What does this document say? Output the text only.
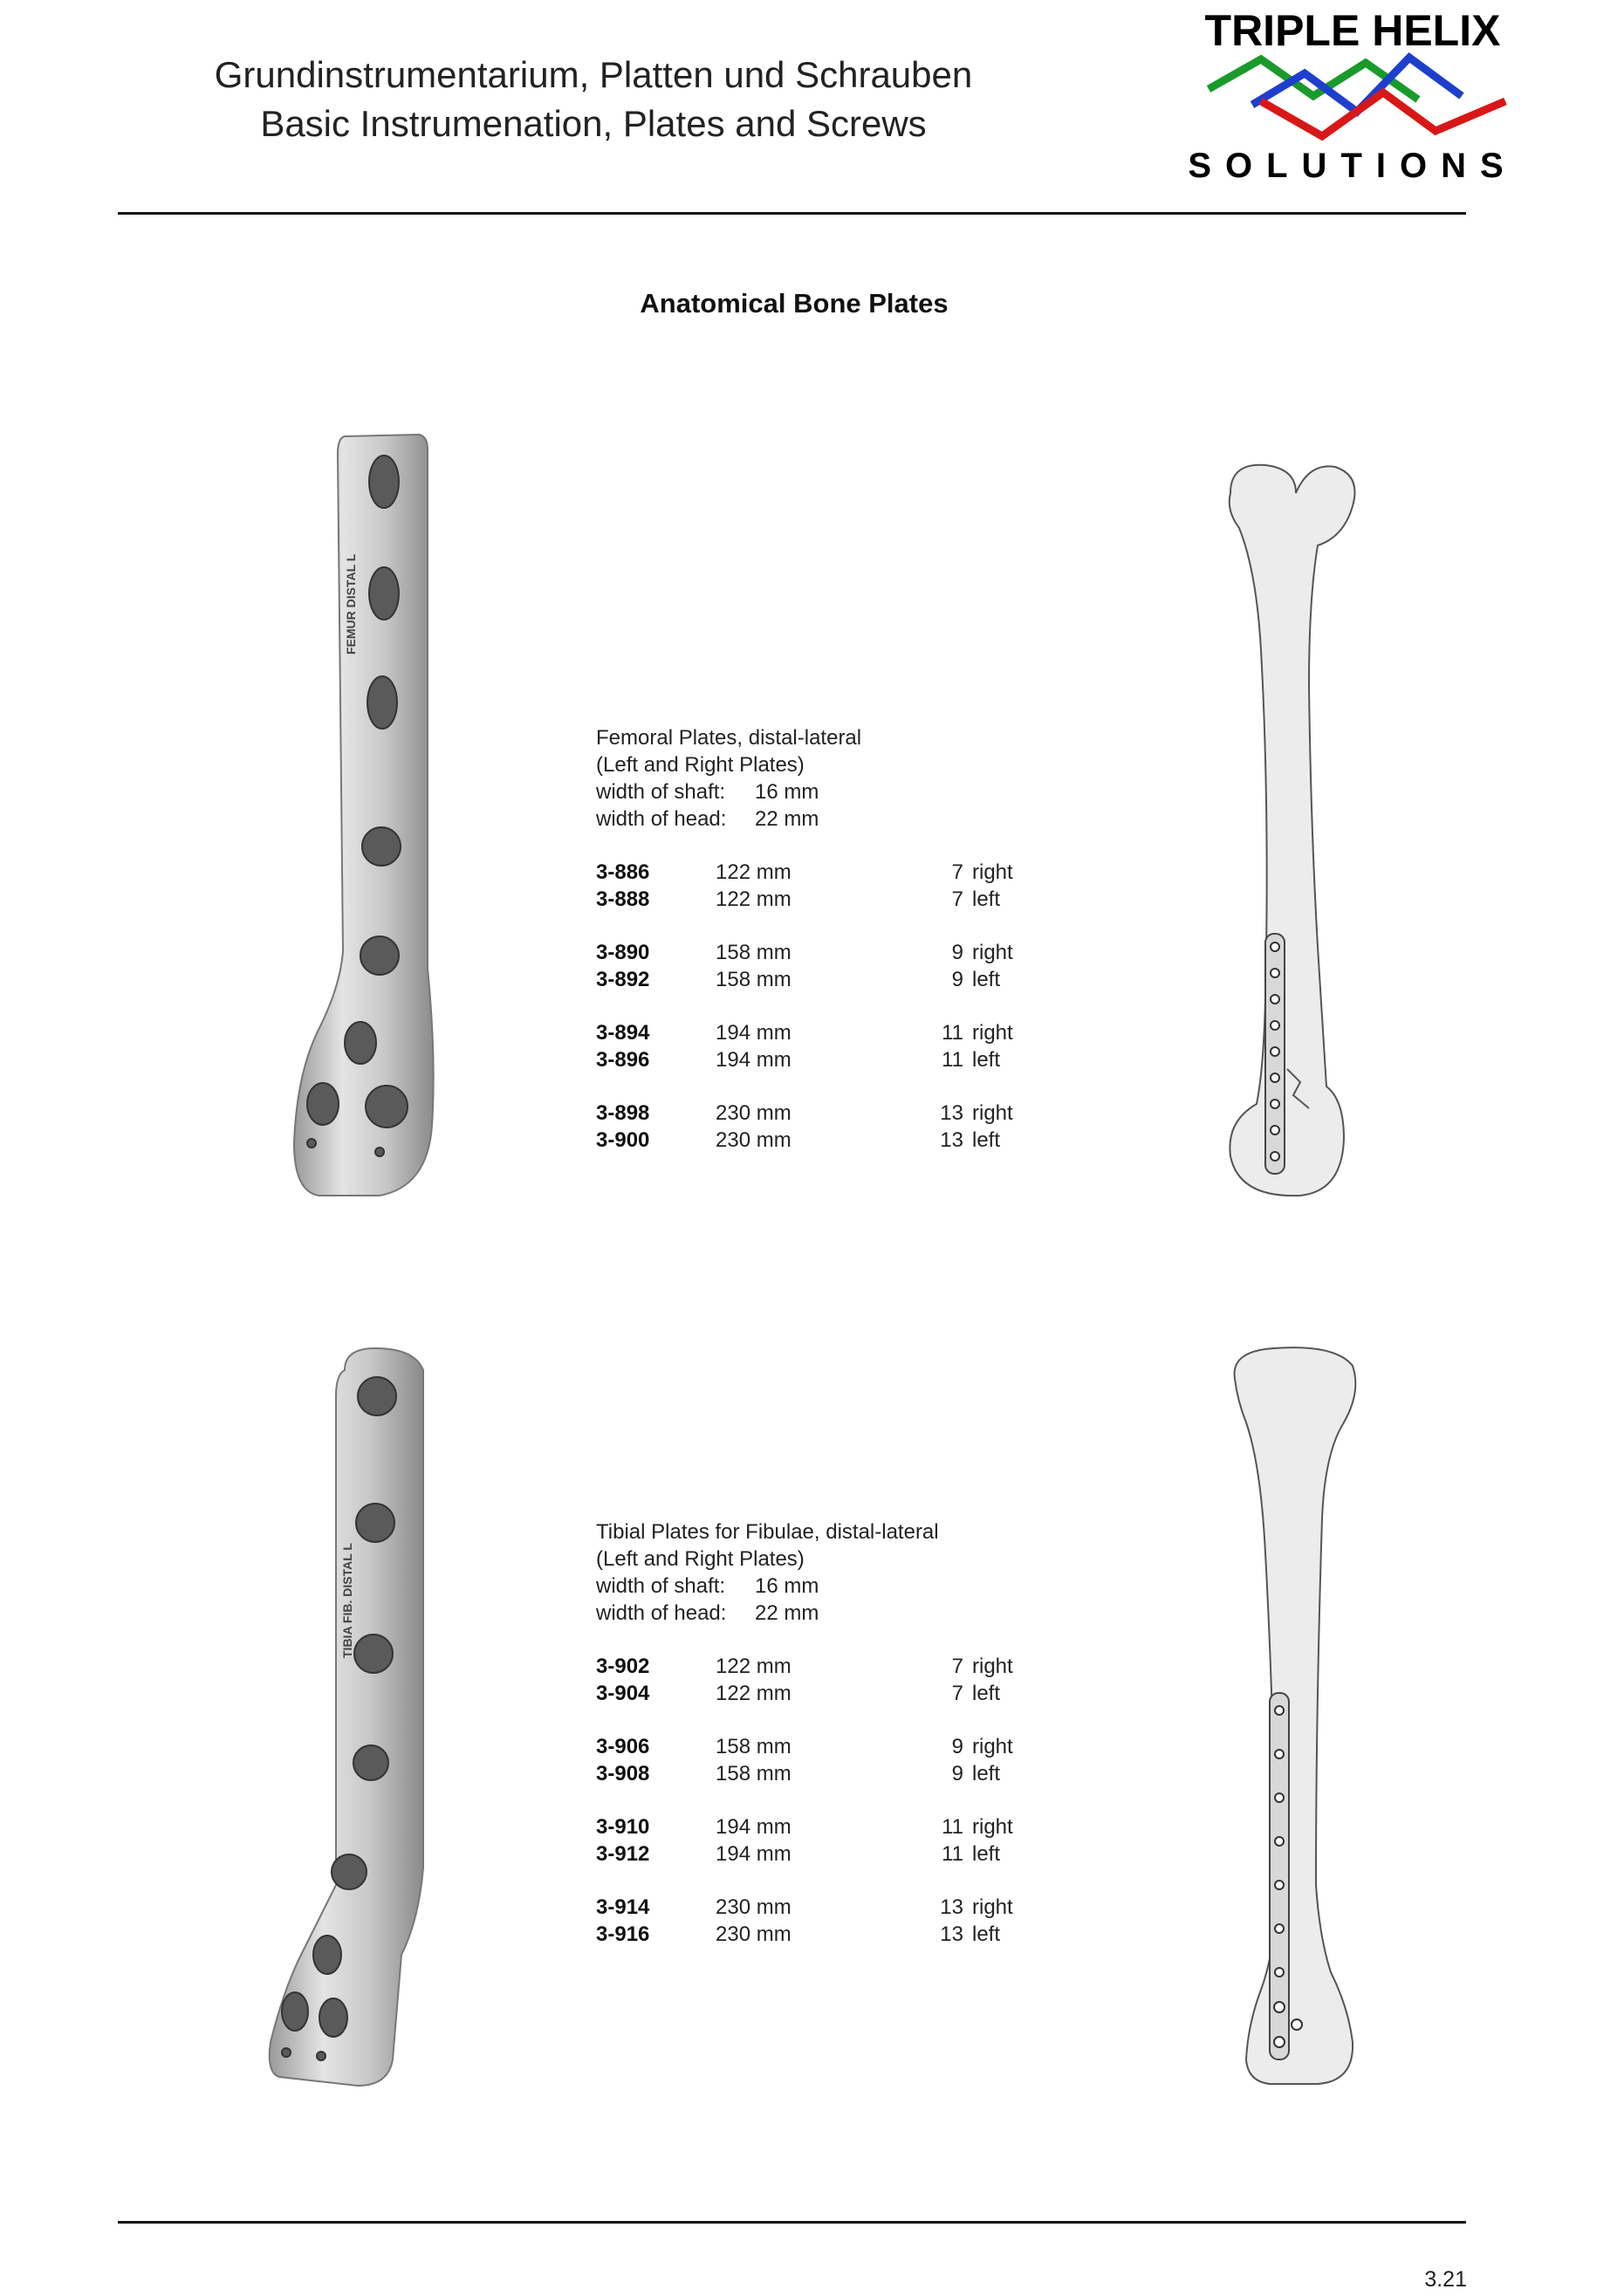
Grundinstrumentarium, Platten und Schrauben
Basic Instrumenation, Plates and Screws
TRIPLE HELIX
SOLUTIONS
Anatomical Bone Plates
FEMUR DISTAL L
Femoral Plates, distal-lateral
(Left and Right Plates)
width of shaft:	16 mm
width of head:	22 mm
3-886	122 mm	7 right
3-888	122 mm	7 left
3-890	158 mm	9 right
3-892	158 mm	9 left
3-894	194 mm	11 right
3-896	194 mm	11 left
3-898	230 mm	13 right
3-900	230 mm	13 left
TIBIA FIB. DISTAL L
Tibial Plates for Fibulae, distal-lateral
(Left and Right Plates)
width of shaft:	16 mm
width of head:	22 mm
3-902	122 mm	7 right
3-904	122 mm	7 left
3-906	158 mm	9 right
3-908	158 mm	9 left
3-910	194 mm	11 right
3-912	194 mm	11 left
3-914	230 mm	13 right
3-916	230 mm	13 left
3.21
